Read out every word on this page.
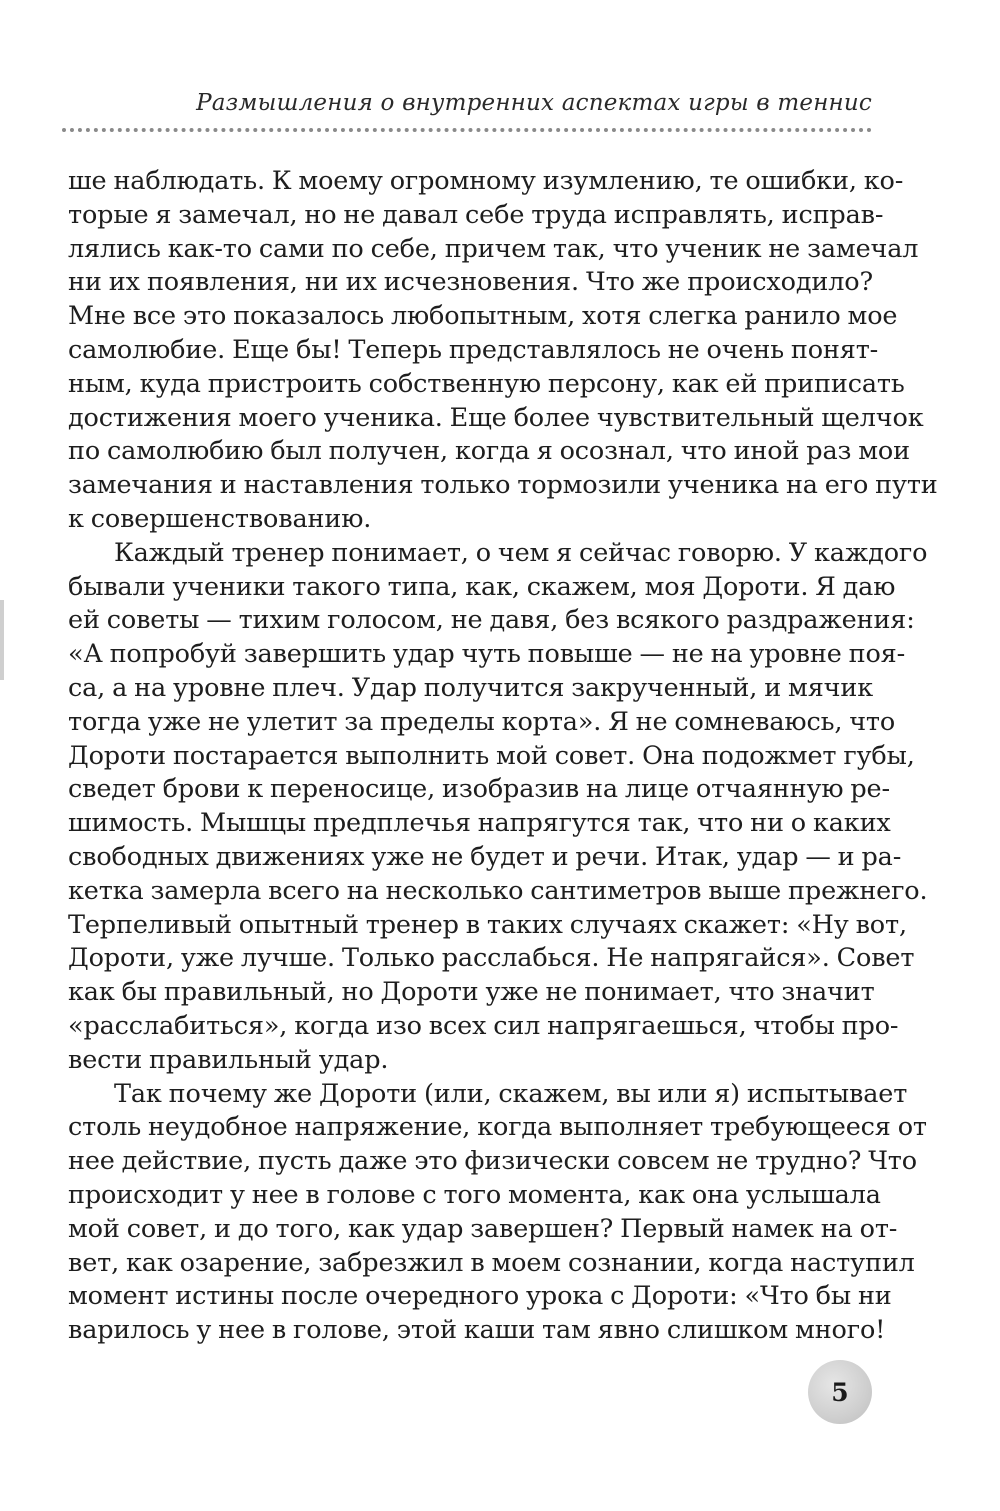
Размышления о внутренних аспектах игры в теннис
ше наблюдать. К моему огромному изумлению, те ошибки, ко-
торые я замечал, но не давал себе труда исправлять, исправ-
лялись как-то сами по себе, причем так, что ученик не замечал
ни их появления, ни их исчезновения. Что же происходило?
Мне все это показалось любопытным, хотя слегка ранило мое
самолюбие. Еще бы! Теперь представлялось не очень понят-
ным, куда пристроить собственную персону, как ей приписать
достижения моего ученика. Еще более чувствительный щелчок
по самолюбию был получен, когда я осознал, что иной раз мои
замечания и наставления только тормозили ученика на его пути
к совершенствованию.
Каждый тренер понимает, о чем я сейчас говорю. У каждого
бывали ученики такого типа, как, скажем, моя Дороти. Я даю
ей советы — тихим голосом, не давя, без всякого раздражения:
«А попробуй завершить удар чуть повыше — не на уровне поя-
са, а на уровне плеч. Удар получится закрученный, и мячик
тогда уже не улетит за пределы корта». Я не сомневаюсь, что
Дороти постарается выполнить мой совет. Она подожмет губы,
сведет брови к переносице, изобразив на лице отчаянную ре-
шимость. Мышцы предплечья напрягутся так, что ни о каких
свободных движениях уже не будет и речи. Итак, удар — и ра-
кетка замерла всего на несколько сантиметров выше прежнего.
Терпеливый опытный тренер в таких случаях скажет: «Ну вот,
Дороти, уже лучше. Только расслабься. Не напрягайся». Совет
как бы правильный, но Дороти уже не понимает, что значит
«расслабиться», когда изо всех сил напрягаешься, чтобы про-
вести правильный удар.
Так почему же Дороти (или, скажем, вы или я) испытывает
столь неудобное напряжение, когда выполняет требующееся от
нее действие, пусть даже это физически совсем не трудно? Что
происходит у нее в голове с того момента, как она услышала
мой совет, и до того, как удар завершен? Первый намек на от-
вет, как озарение, забрезжил в моем сознании, когда наступил
момент истины после очередного урока с Дороти: «Что бы ни
варилось у нее в голове, этой каши там явно слишком много!
5
